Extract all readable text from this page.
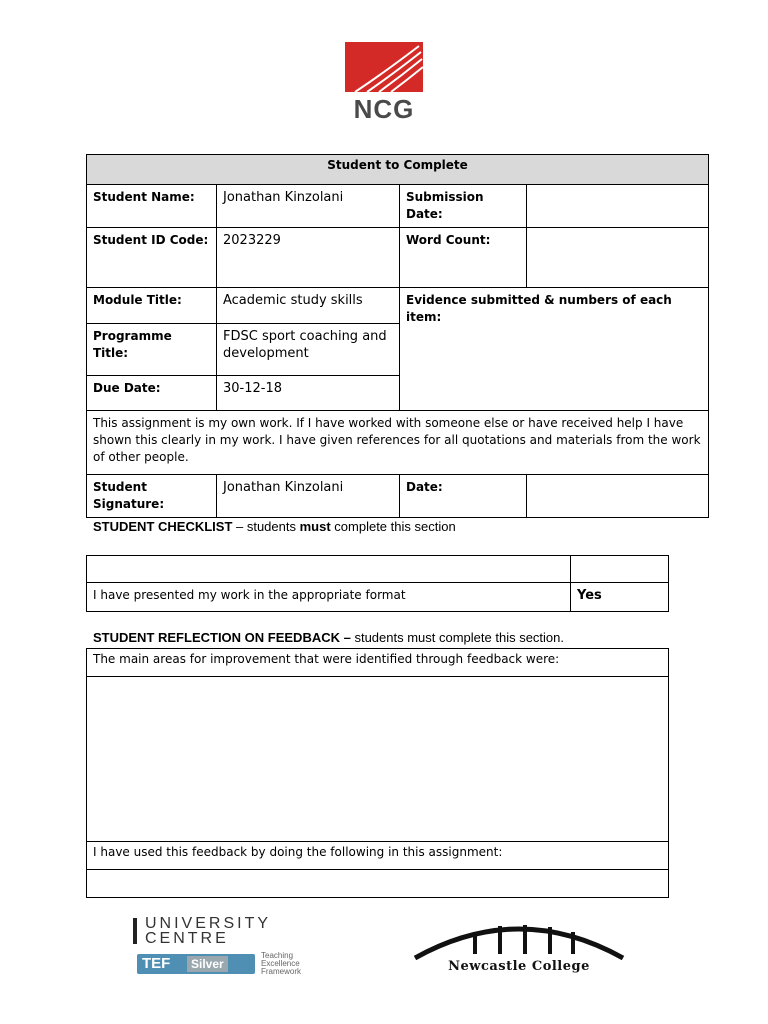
NCG
Student to Complete			
Student Name:	Jonathan Kinzolani	Submission Date:	
Student ID Code:	2023229	Word Count:	
Module Title:	Academic study skills	Evidence submitted & numbers of each item:	
Programme Title:	FDSC sport coaching and development		
Due Date:	30-12-18		
This assignment is my own work. If I have worked with someone else or have received help I have shown this clearly in my work. I have given references for all quotations and materials from the work of other people.			
Student Signature:	Jonathan Kinzolani	Date:	
STUDENT CHECKLIST – students must complete this section

I have presented my work in the appropriate format	Yes
STUDENT REFLECTION ON FEEDBACK – students must complete this section.
The main areas for improvement that were identified through feedback were:

I have used this feedback by doing the following in this assignment:

UNIVERSITY
CENTRE
TEF	Silver
Teaching
Excellence
Framework	Newcastle College
